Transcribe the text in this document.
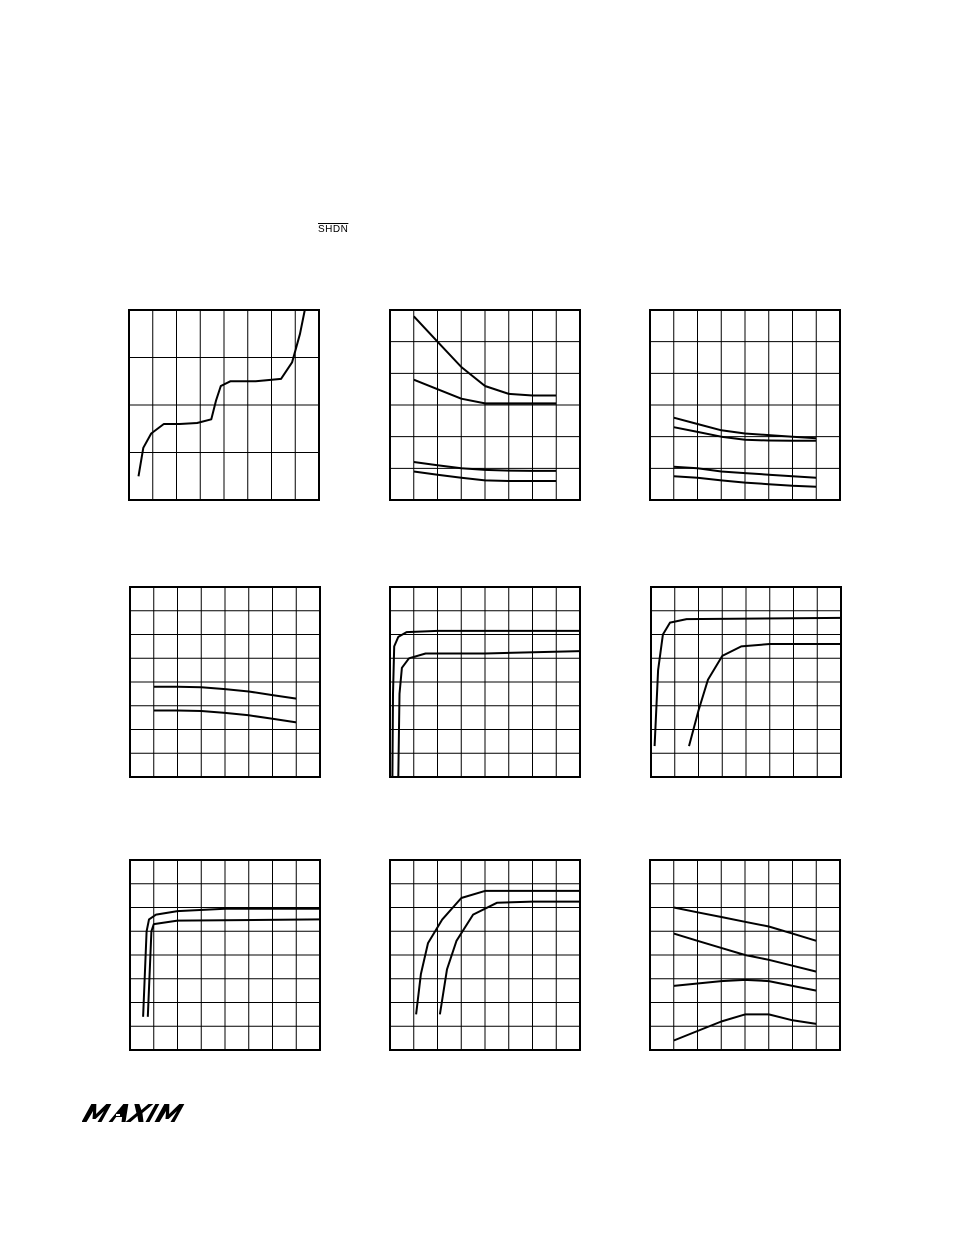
SHDN
